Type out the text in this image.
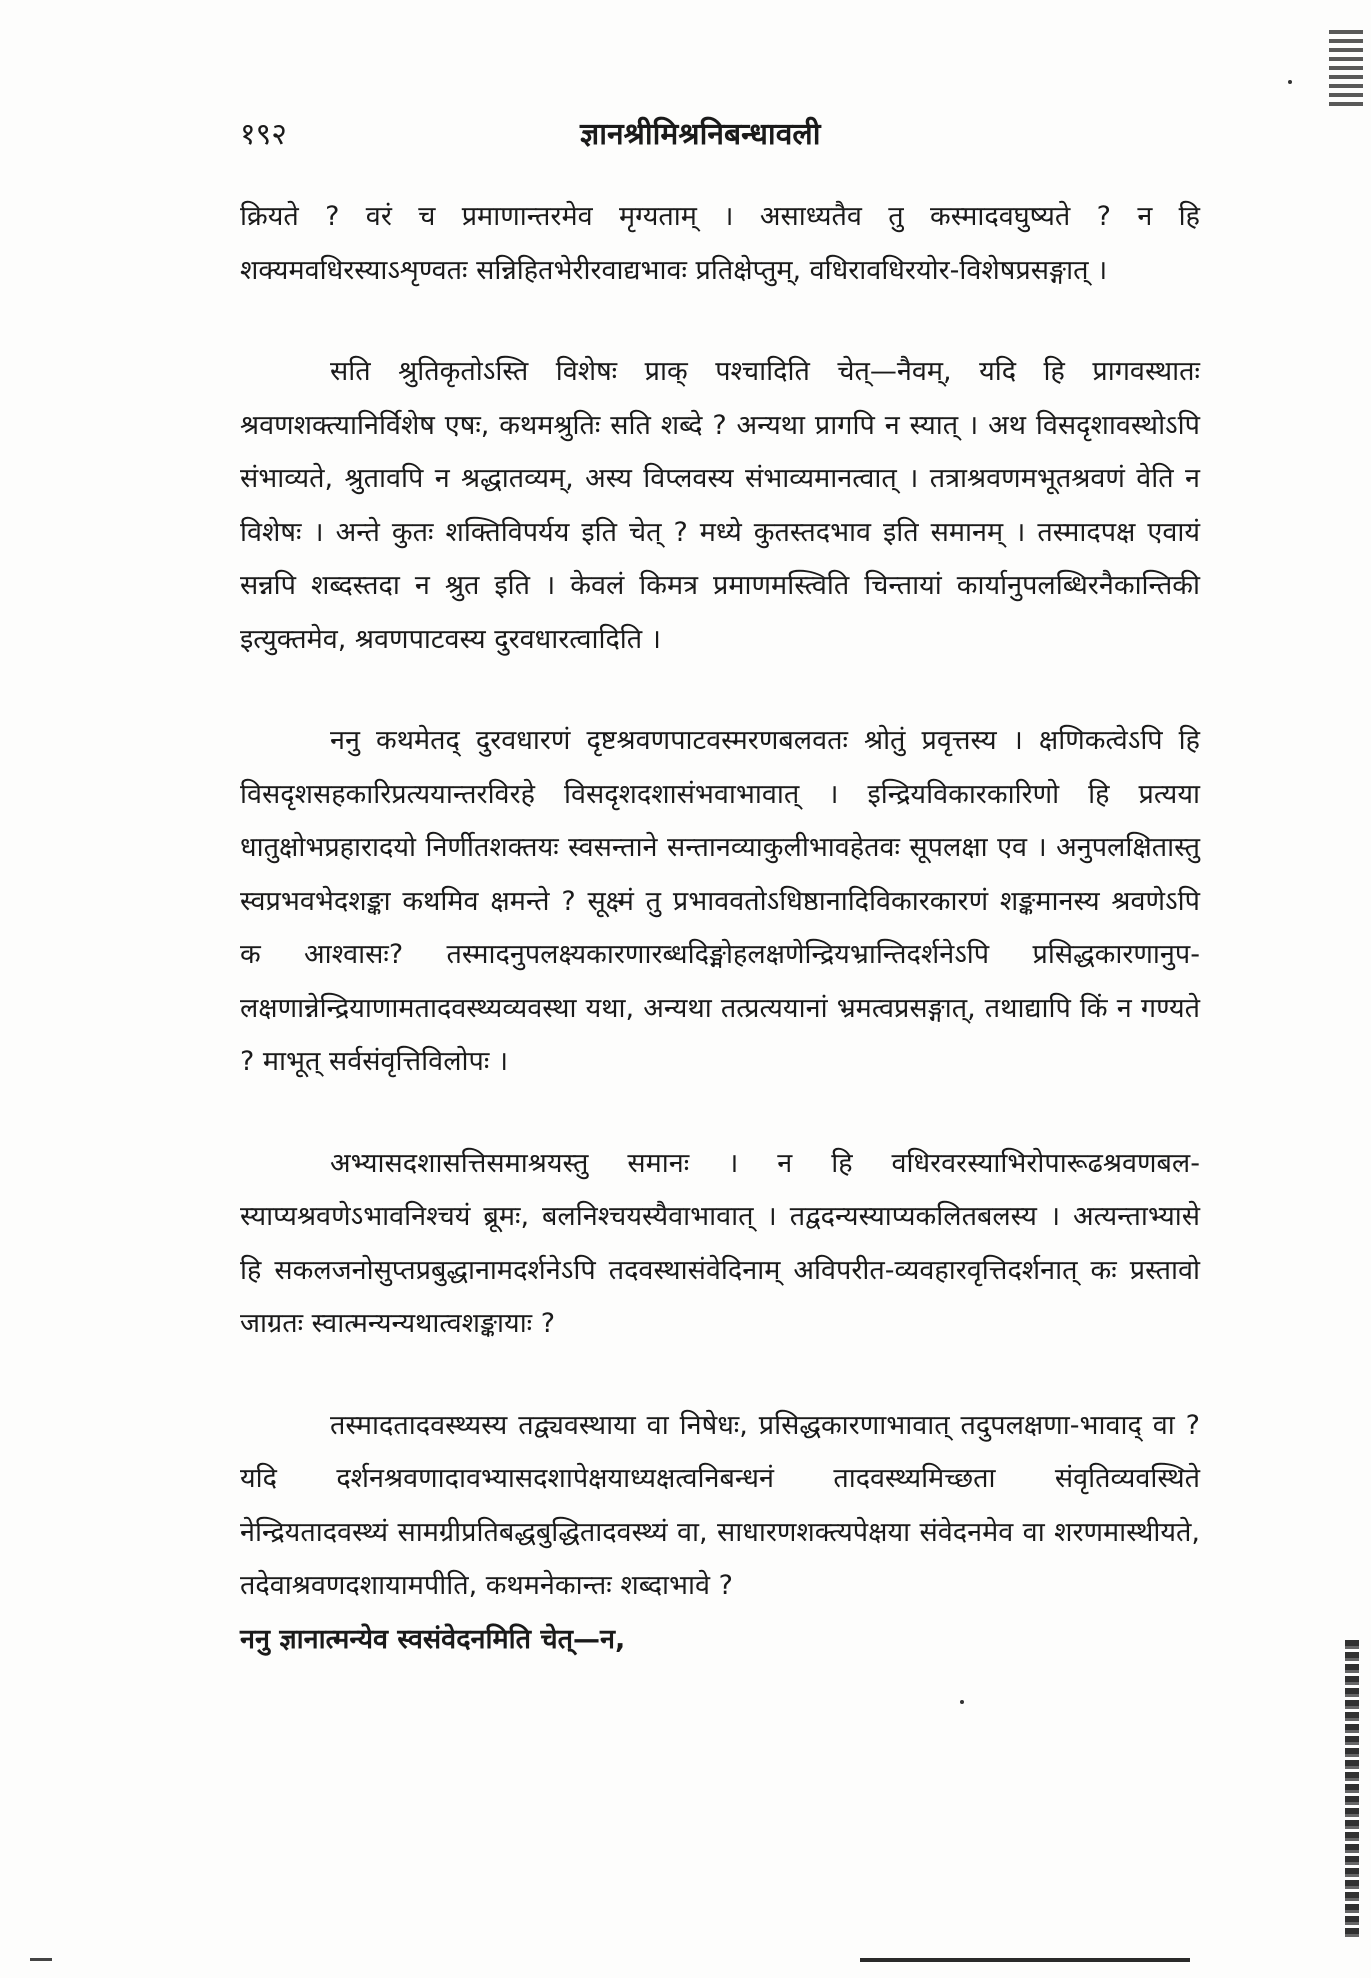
१९२	ज्ञानश्रीमिश्रनिबन्धावली

क्रियते ? वरं च प्रमाणान्तरमेव मृग्यताम् । असाध्यतैव तु कस्मादवघुष्यते ? न हि शक्यमवधिरस्याऽशृण्वतः सन्निहितभेरीरवाद्यभावः प्रतिक्षेप्तुम्, वधिरावधिरयोर-विशेषप्रसङ्गात् ।

सति श्रुतिकृतोऽस्ति विशेषः प्राक् पश्चादिति चेत्—नैवम्, यदि हि प्रागवस्थातः श्रवणशक्त्यानिर्विशेष एषः, कथमश्रुतिः सति शब्दे ? अन्यथा प्रागपि न स्यात् । अथ विसदृशावस्थोऽपि संभाव्यते, श्रुतावपि न श्रद्धातव्यम्, अस्य विप्लवस्य संभाव्यमानत्वात् । तत्राश्रवणमभूतश्रवणं वेति न विशेषः । अन्ते कुतः शक्तिविपर्यय इति चेत् ? मध्ये कुतस्तदभाव इति समानम् । तस्मादपक्ष एवायं सन्नपि शब्दस्तदा न श्रुत इति । केवलं किमत्र प्रमाणमस्त्विति चिन्तायां कार्यानुपलब्धिरनैकान्तिकी इत्युक्तमेव, श्रवणपाटवस्य दुरवधारत्वादिति ।

ननु कथमेतद् दुरवधारणं दृष्टश्रवणपाटवस्मरणबलवतः श्रोतुं प्रवृत्तस्य । क्षणिकत्वेऽपि हि विसदृशसहकारिप्रत्ययान्तरविरहे विसदृशदशासंभवाभावात् । इन्द्रियविकारकारिणो हि प्रत्यया धातुक्षोभप्रहारादयो निर्णीतशक्तयः स्वसन्ताने सन्तानव्याकुलीभावहेतवः सूपलक्षा एव । अनुपलक्षितास्तु स्वप्रभवभेदशङ्का कथमिव क्षमन्ते ? सूक्ष्मं तु प्रभाववतोऽधिष्ठानादिविकारकारणं शङ्कमानस्य श्रवणेऽपि क आश्वासः? तस्मादनुपलक्ष्यकारणारब्धदिङ्मोहलक्षणेन्द्रियभ्रान्तिदर्शनेऽपि प्रसिद्धकारणानुप-लक्षणान्नेन्द्रियाणामतादवस्थ्यव्यवस्था यथा, अन्यथा तत्प्रत्ययानां भ्रमत्वप्रसङ्गात्, तथाद्यापि किं न गण्यते ? माभूत् सर्वसंवृत्तिविलोपः ।

अभ्यासदशासत्तिसमाश्रयस्तु समानः । न हि वधिरवरस्याभिरोपारूढश्रवणबल-स्याप्यश्रवणेऽभावनिश्चयं ब्रूमः, बलनिश्चयस्यैवाभावात् । तद्वदन्यस्याप्यकलितबलस्य । अत्यन्ताभ्यासे हि सकलजनोसुप्तप्रबुद्धानामदर्शनेऽपि तदवस्थासंवेदिनाम् अविपरीत-व्यवहारवृत्तिदर्शनात् कः प्रस्तावो जाग्रतः स्वात्मन्यन्यथात्वशङ्कायाः ?

तस्मादतादवस्थ्यस्य तद्व्यवस्थाया वा निषेधः, प्रसिद्धकारणाभावात् तदुपलक्षणा-भावाद् वा ? यदि दर्शनश्रवणादावभ्यासदशापेक्षयाध्यक्षत्वनिबन्धनं तादवस्थ्यमिच्छता संवृतिव्यवस्थिते नेन्द्रियतादवस्थ्यं सामग्रीप्रतिबद्धबुद्धितादवस्थ्यं वा, साधारणशक्त्यपेक्षया संवेदनमेव वा शरणमास्थीयते, तदेवाश्रवणदशायामपीति, कथमनेकान्तः शब्दाभावे ?

ननु ज्ञानात्मन्येव स्वसंवेदनमिति चेत्—न,
